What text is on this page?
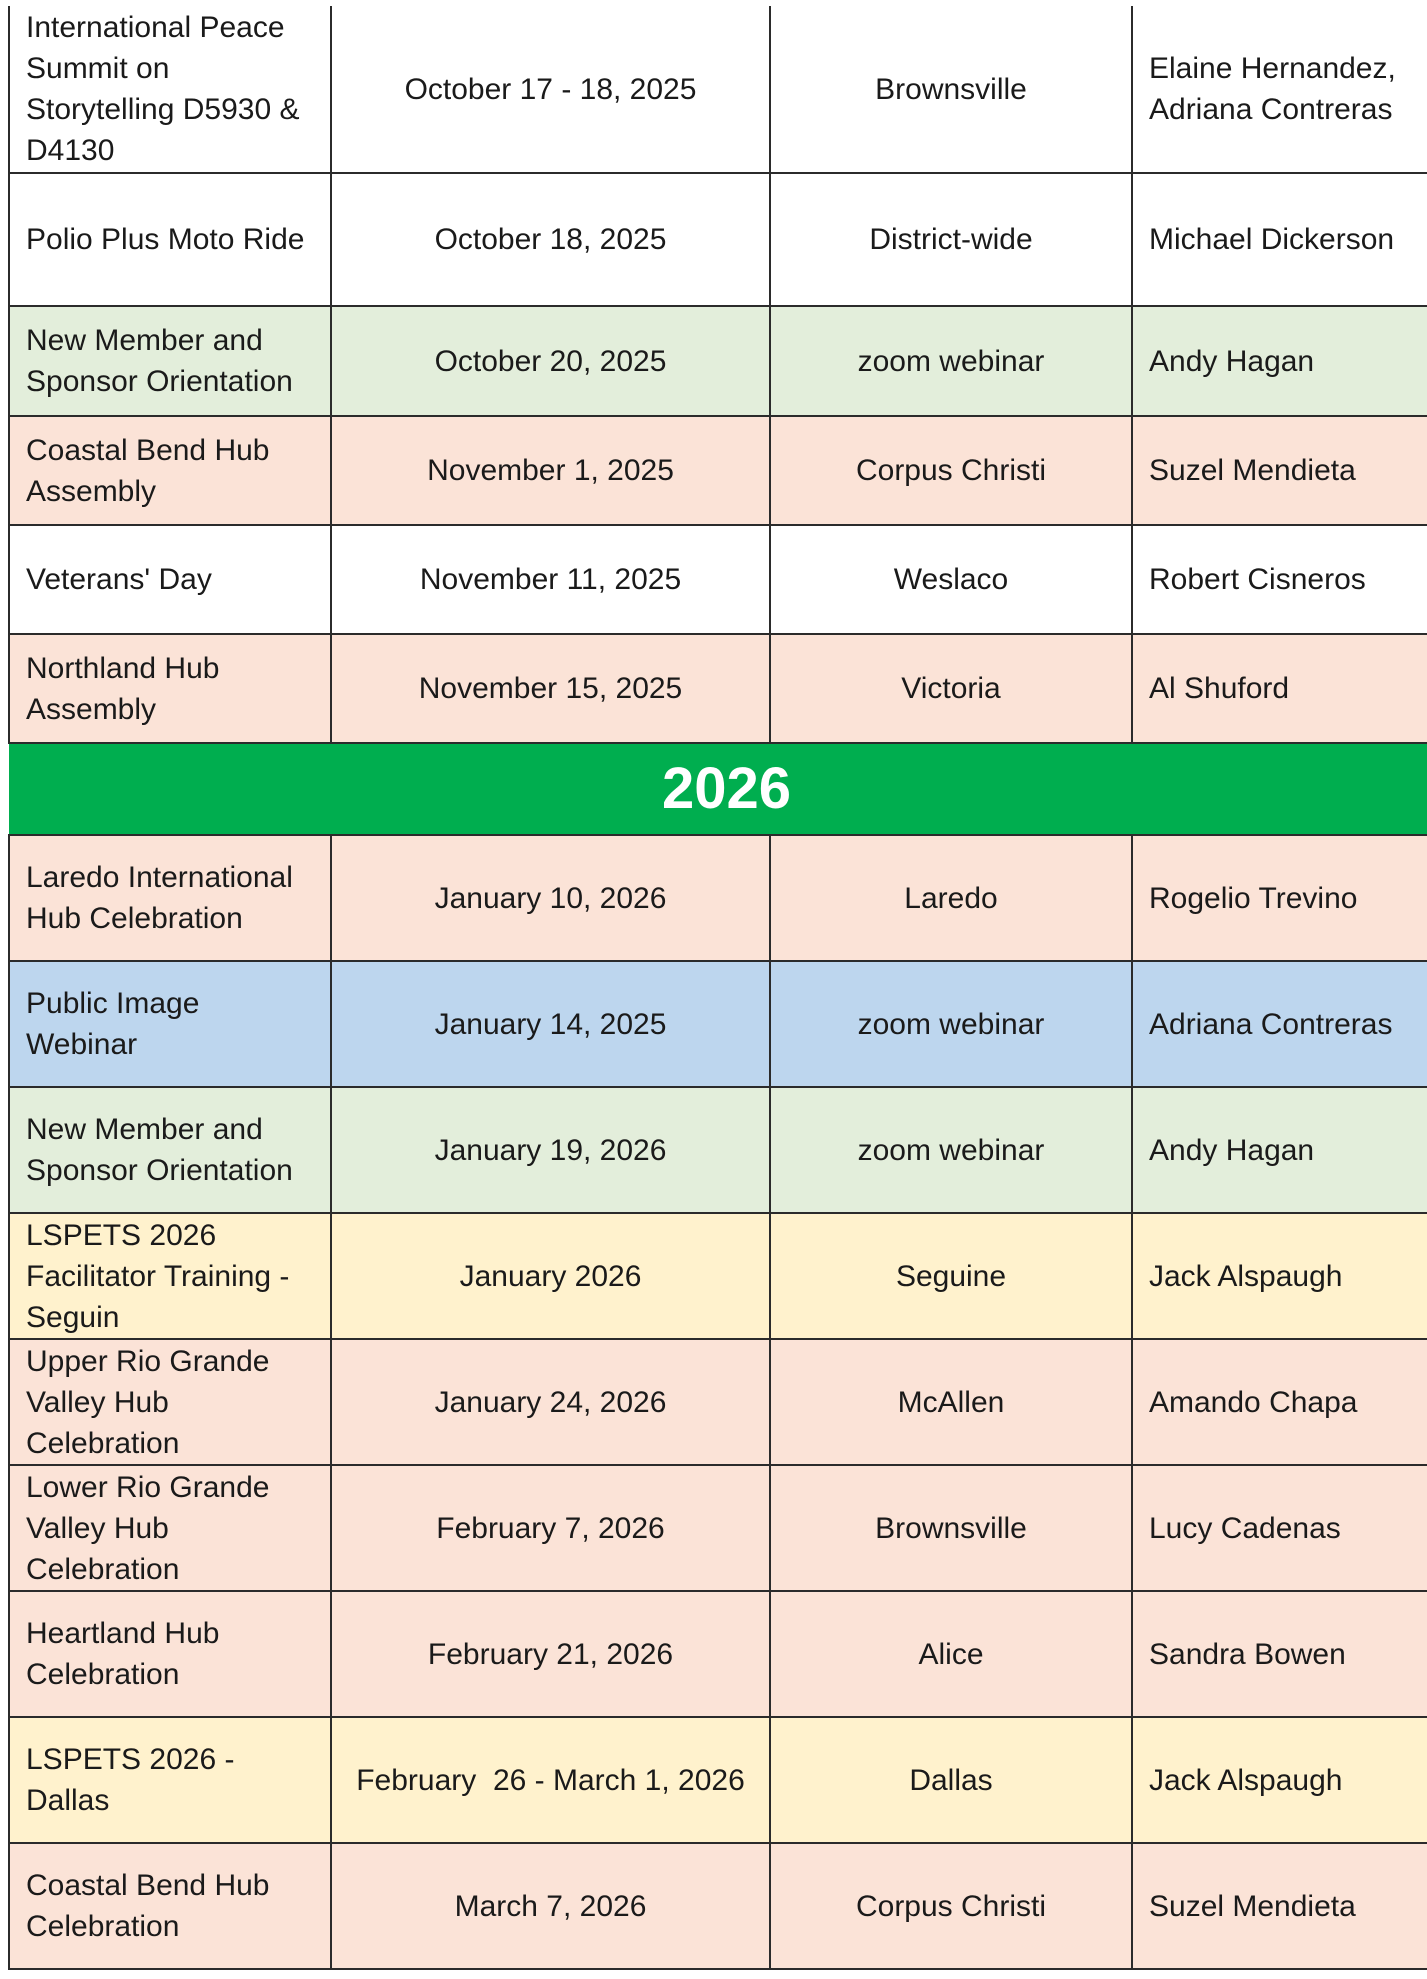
International Peace Summit on Storytelling D5930 & D4130	October 17 - 18, 2025	Brownsville	Elaine Hernandez, Adriana Contreras
Polio Plus Moto Ride	October 18, 2025	District-wide	Michael Dickerson
New Member and Sponsor Orientation	October 20, 2025	zoom webinar	Andy Hagan
Coastal Bend Hub Assembly	November 1, 2025	Corpus Christi	Suzel Mendieta
Veterans' Day	November 11, 2025	Weslaco	Robert Cisneros
Northland Hub Assembly	November 15, 2025	Victoria	Al Shuford
2026			
Laredo International Hub Celebration	January 10, 2026	Laredo	Rogelio Trevino
Public Image Webinar	January 14, 2025	zoom webinar	Adriana Contreras
New Member and Sponsor Orientation	January 19, 2026	zoom webinar	Andy Hagan
LSPETS 2026 Facilitator Training - Seguin	January 2026	Seguine	Jack Alspaugh
Upper Rio Grande Valley Hub Celebration	January 24, 2026	McAllen	Amando Chapa
Lower Rio Grande Valley Hub Celebration	February 7, 2026	Brownsville	Lucy Cadenas
Heartland Hub Celebration	February 21, 2026	Alice	Sandra Bowen
LSPETS 2026 - Dallas	February  26 - March 1, 2026	Dallas	Jack Alspaugh
Coastal Bend Hub Celebration	March 7, 2026	Corpus Christi	Suzel Mendieta
